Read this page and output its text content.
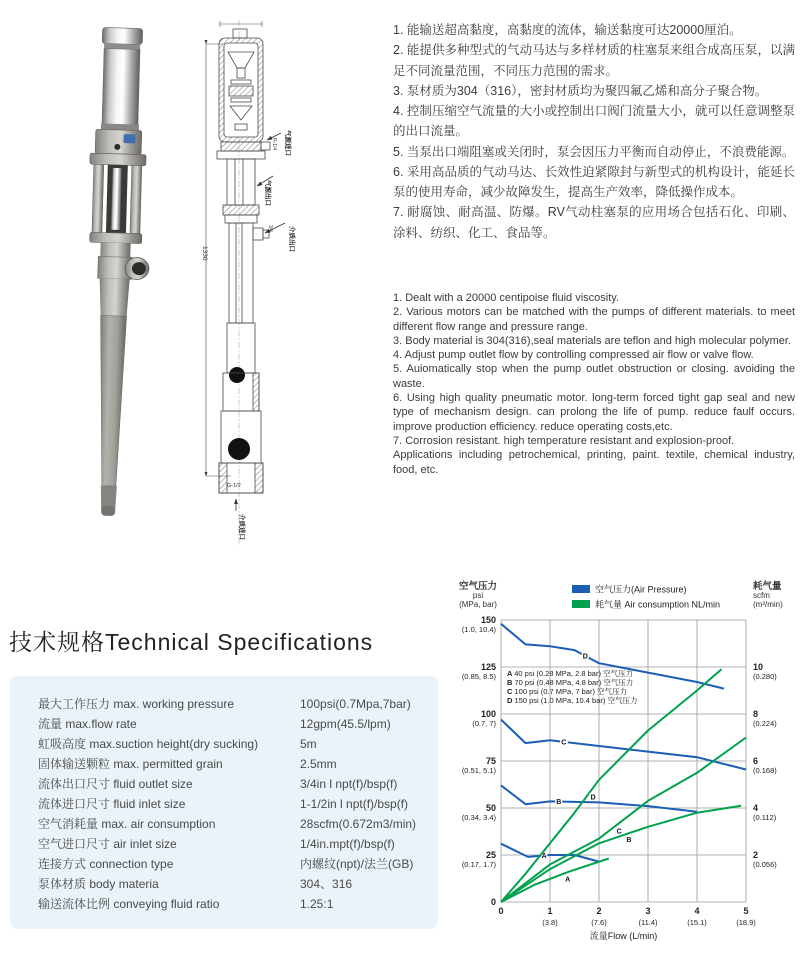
1330
R-1/4 气源进口
气源出口
3/4 介质出口
G-1/2
介质进口

1. 能输送超高黏度，高黏度的流体，输送黏度可达20000厘泊。

2. 能提供多种型式的气动马达与多样材质的柱塞泵来组合成高压泵，以满足不同流量范围，不同压力范围的需求。

3. 泵材质为304（316），密封材质均为聚四氟乙烯和高分子聚合物。

4. 控制压缩空气流量的大小或控制出口阀门流量大小，就可以任意调整泵的出口流量。

5. 当泵出口端阻塞或关闭时，泵会因压力平衡而自动停止，不浪费能源。

6. 采用高品质的气动马达、长效性迫紧隙封与新型式的机构设计，能延长泵的使用寿命，减少故障发生，提高生产效率，降低操作成本。

7. 耐腐蚀、耐高温、防爆。RV气动柱塞泵的应用场合包括石化、印刷、涂料、纺织、化工、食品等。

1. Dealt with a 20000 centipoise fluid viscosity.

2. Various motors can be matched with the pumps of different materials. to meet different flow range and pressure range.

3. Body material is 304(316),seal materials are teflon and high molecular polymer.

4. Adjust pump outlet flow by controlling compressed air flow or valve flow.

5. Auiomatically stop when the pump outlet obstruction or closing. avoiding the waste.

6. Using high quality pneumatic motor. long-term forced tight gap seal and new type of mechanism design. can prolong the life of pump. reduce faulf occurs. improve production efficiency. reduce operating costs,etc.

7. Corrosion resistant. high temperature resistant and explosion-proof.

Applications including petrochemical, printing, paint. textile, chemical industry, food, etc.

技术规格Technical Specifications
最大工作压力 max. working pressure	100psi(0.7Mpa,7bar)
流量 max.flow rate	12gpm(45.5/lpm)
虹吸高度 max.suction height(dry sucking)	5m
固体输送颗粒 max. permitted grain	2.5mm
流体出口尺寸 fluid outlet size	3/4in l npt(f)/bsp(f)
流体进口尺寸 fluid inlet size	1-1/2in l npt(f)/bsp(f)
空气消耗量 max. air consumption	28scfm(0.672m3/min)
空气进口尺寸 air inlet size	1/4in.mpt(f)/bsp(f)
连接方式 connection type	内螺纹(npt)/法兰(GB)
泵体材质 body materia	304、316
输送流体比例 conveying fluid ratio	1.25:1
150
(1.0, 10.4)
125
(0.85, 8.5)
100
(0.7, 7)
75
(0.51, 5.1)
50
(0.34, 3.4)
25
(0.17, 1.7)
0
10
(0.280)
8
(0.224)
6
(0.168)
4
(0.112)
2
(0.056)
0	1
(3.8)
2
(7.6)
3
(11.4)
4
(15.1)
5
(18.9)
流量Flow (L/min)
空气压力
psi
(MPa, bar)
耗气量
scfm
(m³/min)
空气压力(Air Pressure)
耗气量 Air consumption NL/min
A 40 psi (0.28 MPa, 2.8 bar) 空气压力
B 70 psi (0.48 MPa, 4.8 bar) 空气压力
C 100 psi (0.7 MPa, 7 bar) 空气压力
D 150 psi (1.0 MPa, 10.4 bar) 空气压力
D
C
B
A
D
C
B
A
